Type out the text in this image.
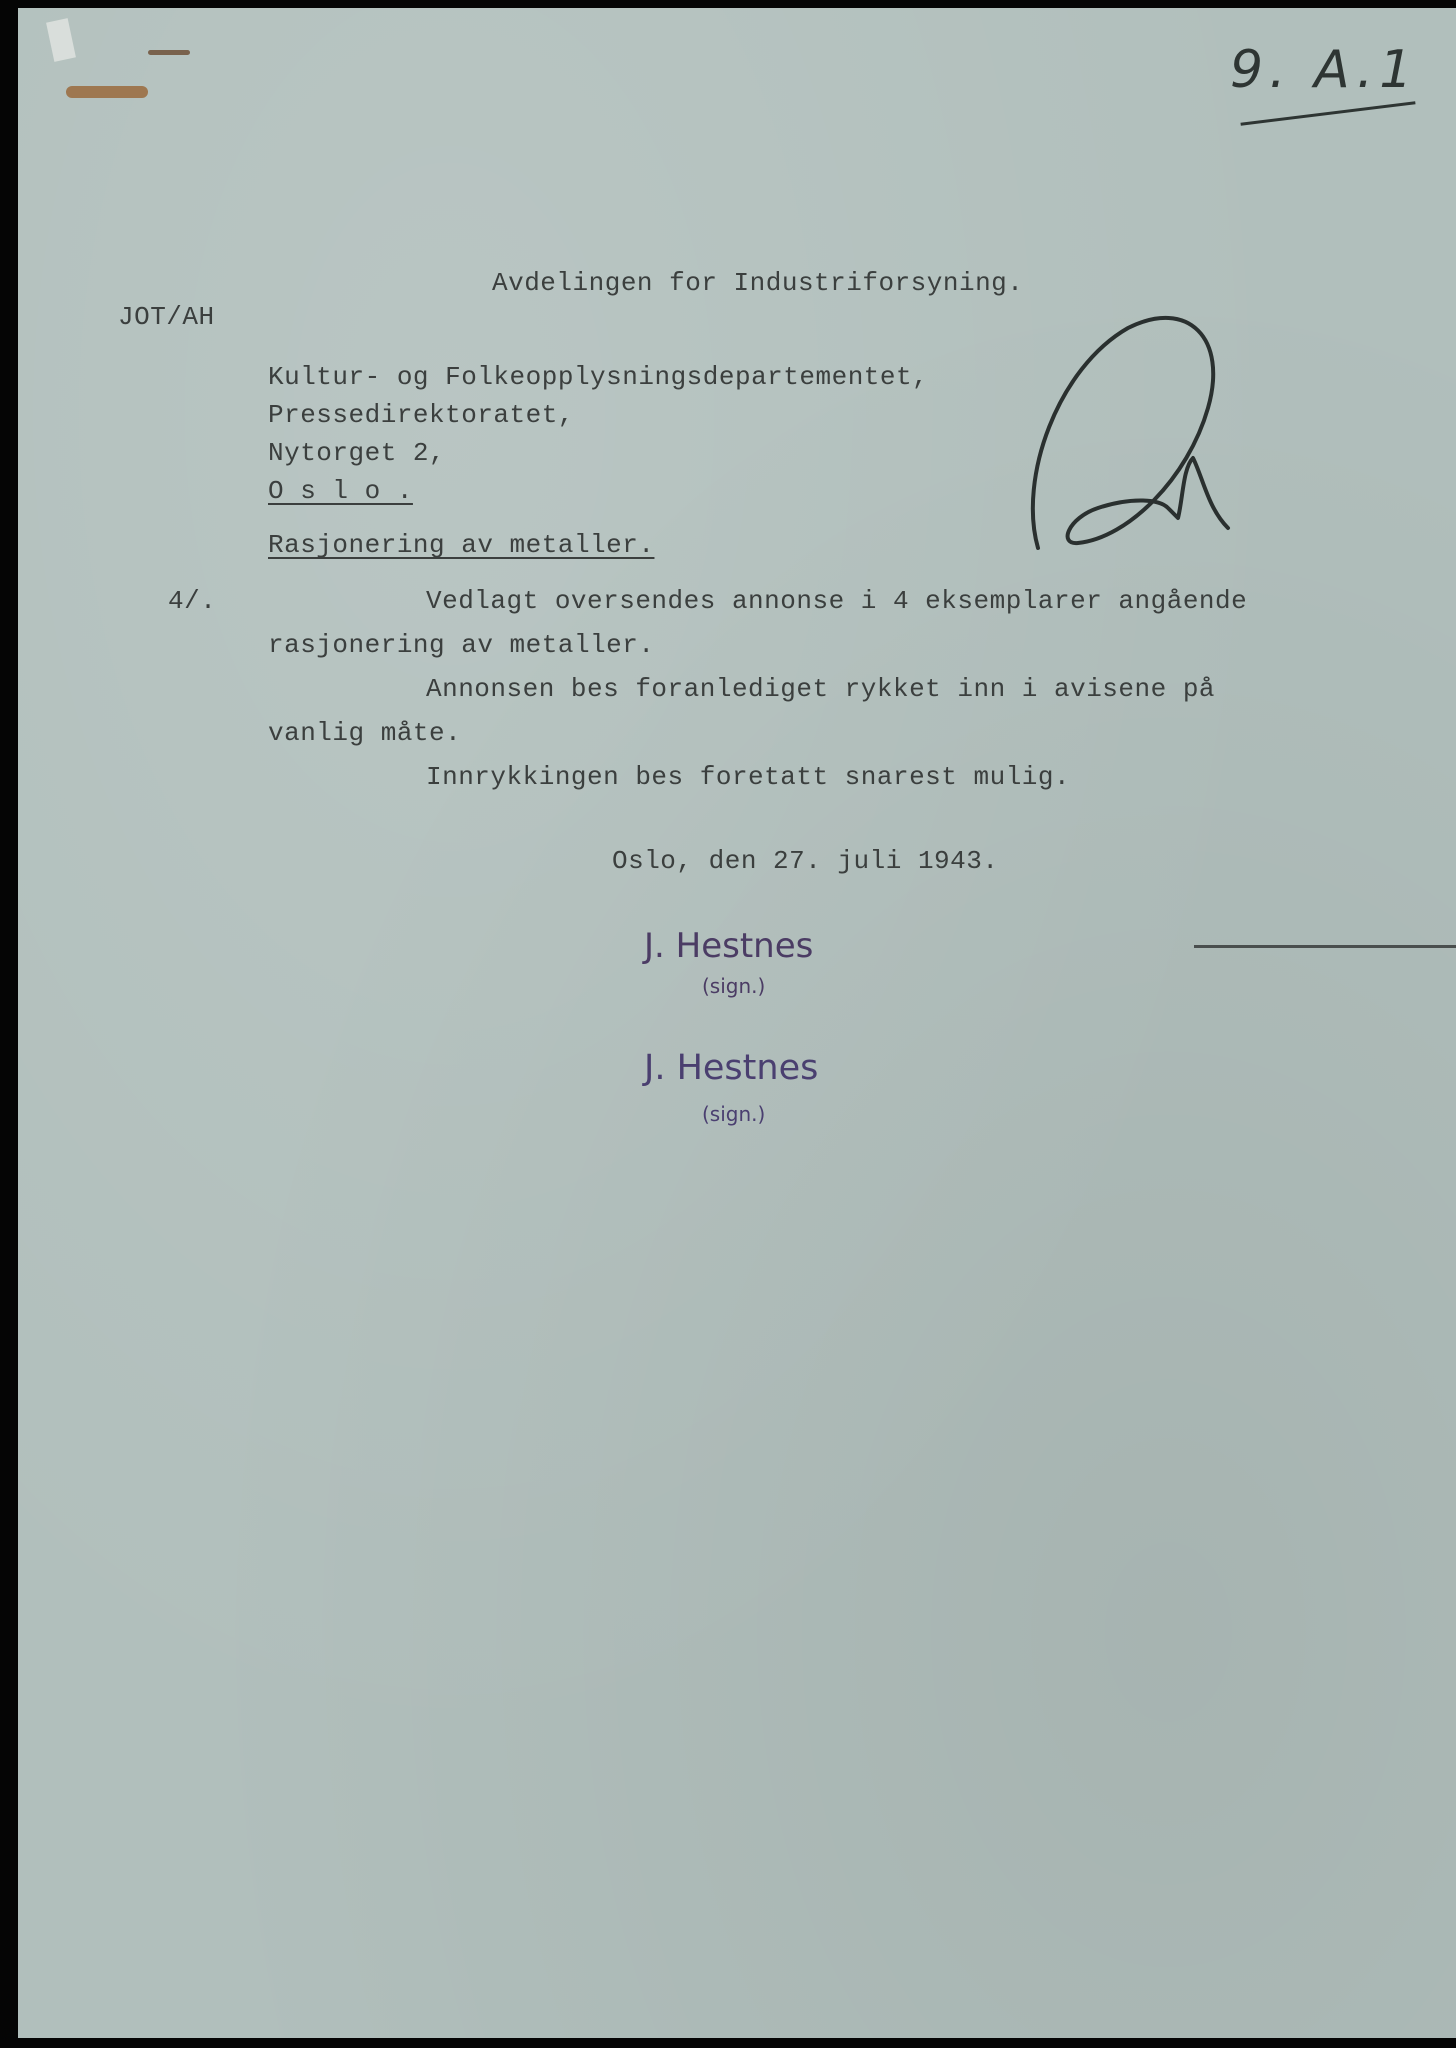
9. A.1
Avdelingen for Industriforsyning.
JOT/AH
Kultur- og Folkeopplysningsdepartementet,
Pressedirektoratet,
Nytorget 2,
O s l o .
Rasjonering av metaller.
4/.	Vedlagt oversendes annonse i 4 eksemplarer angående
rasjonering av metaller.
Annonsen bes foranlediget rykket inn i avisene på
vanlig måte.
Innrykkingen bes foretatt snarest mulig.
Oslo, den 27. juli 1943.
J. Hestnes
(sign.)
J. Hestnes
(sign.)
